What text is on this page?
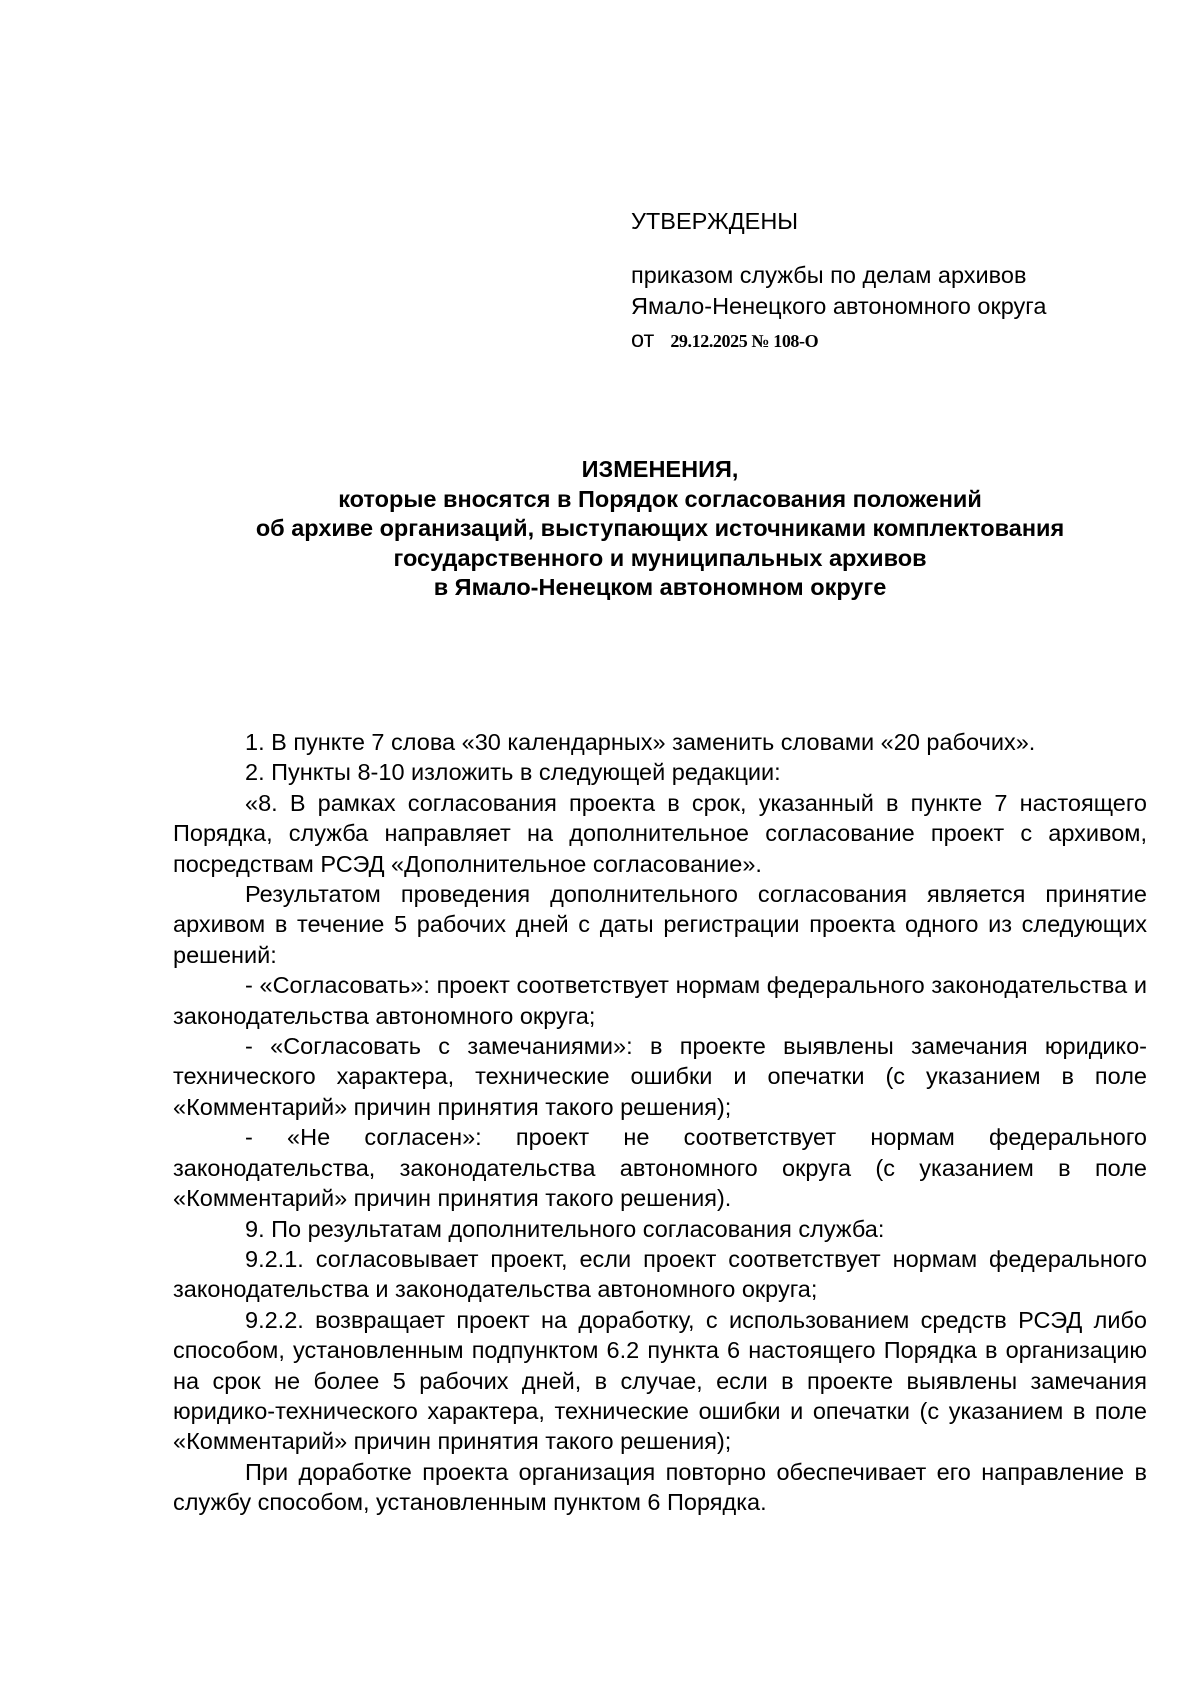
УТВЕРЖДЕНЫ
приказом службы по делам архивов
Ямало-Ненецкого автономного округа
от 29.12.2025 № 108-О
ИЗМЕНЕНИЯ,
которые вносятся в Порядок согласования положений
об архиве организаций, выступающих источниками комплектования
государственного и муниципальных архивов
в Ямало-Ненецком автономном округе

1. В пункте 7 слова «30 календарных» заменить словами «20 рабочих».

2. Пункты 8-10 изложить в следующей редакции:

«8. В рамках согласования проекта в срок, указанный в пункте 7 настоящего Порядка, служба направляет на дополнительное согласование проект с архивом, посредствам РСЭД «Дополнительное согласование».

Результатом проведения дополнительного согласования является принятие архивом в течение 5 рабочих дней с даты регистрации проекта одного из следующих решений:

- «Согласовать»: проект соответствует нормам федерального законодательства и законодательства автономного округа;

- «Согласовать с замечаниями»: в проекте выявлены замечания юридико-технического характера, технические ошибки и опечатки (с указанием в поле «Комментарий» причин принятия такого решения);

- «Не согласен»: проект не соответствует нормам федерального законодательства, законодательства автономного округа (с указанием в поле «Комментарий» причин принятия такого решения).

9. По результатам дополнительного согласования служба:

9.2.1. согласовывает проект, если проект соответствует нормам федерального законодательства и законодательства автономного округа;

9.2.2. возвращает проект на доработку, с использованием средств РСЭД либо способом, установленным подпунктом 6.2 пункта 6 настоящего Порядка в организацию на срок не более 5 рабочих дней, в случае, если в проекте выявлены замечания юридико-технического характера, технические ошибки и опечатки (с указанием в поле «Комментарий» причин принятия такого решения);

При доработке проекта организация повторно обеспечивает его направление в службу способом, установленным пунктом 6 Порядка.
